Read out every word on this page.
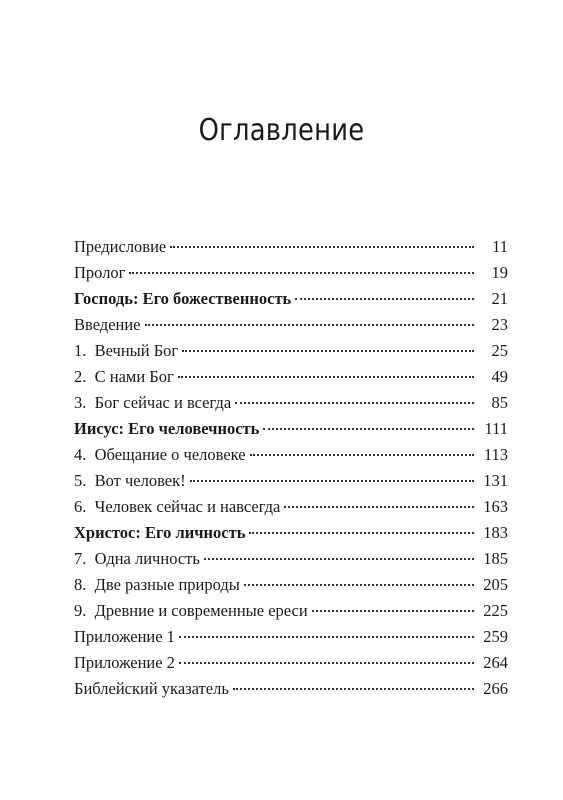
Оглавление
Предисловие	11
Пролог	19
Господь: Его божественность	21
Введение	23
1.  Вечный Бог	25
2.  С нами Бог	49
3.  Бог сейчас и всегда	85
Иисус: Его человечность	111
4.  Обещание о человеке	113
5.  Вот человек!	131
6.  Человек сейчас и навсегда	163
Христос: Его личность	183
7.  Одна личность	185
8.  Две разные природы	205
9.  Древние и современные ереси	225
Приложение 1	259
Приложение 2	264
Библейский указатель	266
